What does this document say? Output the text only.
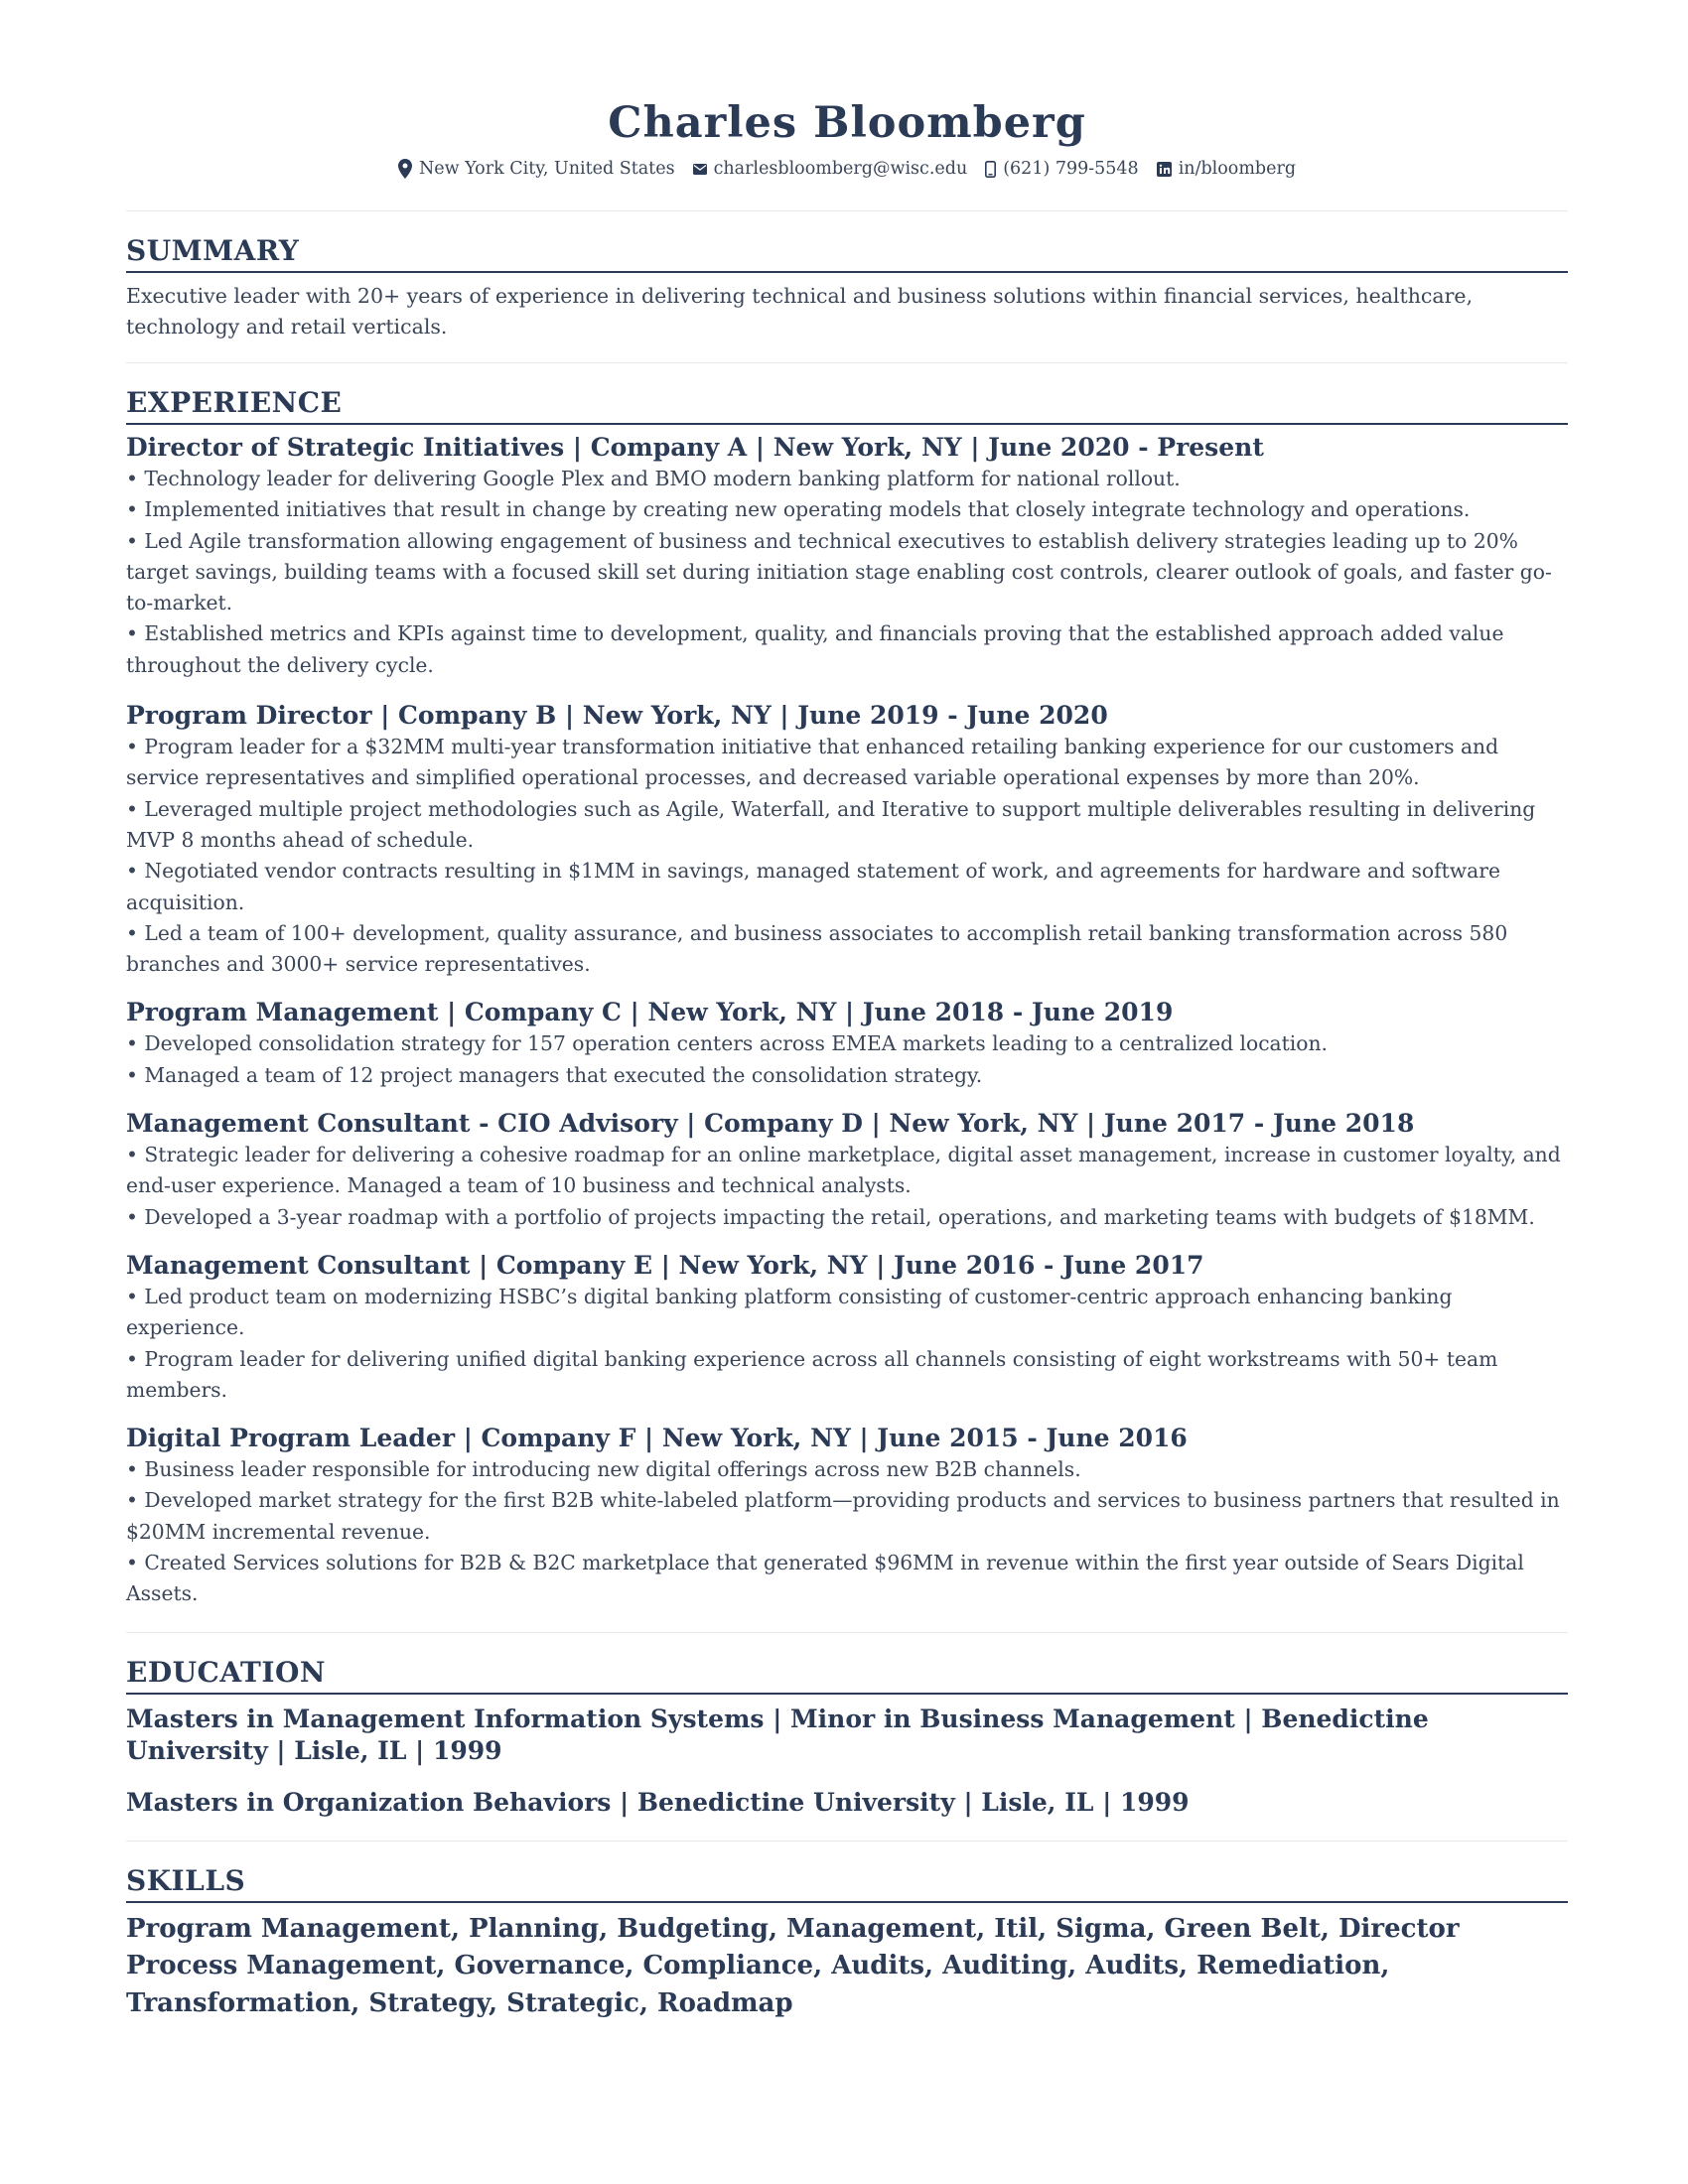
Charles Bloomberg
New York City, United States charlesbloomberg@wisc.edu (621) 799-5548 in/bloomberg
SUMMARY

Executive leader with 20+ years of experience in delivering technical and business solutions within financial services, healthcare, technology and retail verticals.

EXPERIENCE
Director of Strategic Initiatives | Company A | New York, NY | June 2020 - Present

• Technology leader for delivering Google Plex and BMO modern banking platform for national rollout.

• Implemented initiatives that result in change by creating new operating models that closely integrate technology and operations.

• Led Agile transformation allowing engagement of business and technical executives to establish delivery strategies leading up to 20% target savings, building teams with a focused skill set during initiation stage enabling cost controls, clearer outlook of goals, and faster go-to-market.

• Established metrics and KPIs against time to development, quality, and financials proving that the established approach added value throughout the delivery cycle.

Program Director | Company B | New York, NY | June 2019 - June 2020

• Program leader for a $32MM multi-year transformation initiative that enhanced retailing banking experience for our customers and service representatives and simplified operational processes, and decreased variable operational expenses by more than 20%.

• Leveraged multiple project methodologies such as Agile, Waterfall, and Iterative to support multiple deliverables resulting in delivering MVP 8 months ahead of schedule.

• Negotiated vendor contracts resulting in $1MM in savings, managed statement of work, and agreements for hardware and software acquisition.

• Led a team of 100+ development, quality assurance, and business associates to accomplish retail banking transformation across 580 branches and 3000+ service representatives.

Program Management | Company C | New York, NY | June 2018 - June 2019

• Developed consolidation strategy for 157 operation centers across EMEA markets leading to a centralized location.

• Managed a team of 12 project managers that executed the consolidation strategy.

Management Consultant - CIO Advisory | Company D | New York, NY | June 2017 - June 2018

• Strategic leader for delivering a cohesive roadmap for an online marketplace, digital asset management, increase in customer loyalty, and end-user experience. Managed a team of 10 business and technical analysts.

• Developed a 3-year roadmap with a portfolio of projects impacting the retail, operations, and marketing teams with budgets of $18MM.

Management Consultant | Company E | New York, NY | June 2016 - June 2017

• Led product team on modernizing HSBC’s digital banking platform consisting of customer-centric approach enhancing banking experience.

• Program leader for delivering unified digital banking experience across all channels consisting of eight workstreams with 50+ team members.

Digital Program Leader | Company F | New York, NY | June 2015 - June 2016

• Business leader responsible for introducing new digital offerings across new B2B channels.

• Developed market strategy for the first B2B white-labeled platform—providing products and services to business partners that resulted in $20MM incremental revenue.

• Created Services solutions for B2B & B2C marketplace that generated $96MM in revenue within the first year outside of Sears Digital Assets.

EDUCATION

Masters in Management Information Systems | Minor in Business Management | Benedictine University | Lisle, IL | 1999

Masters in Organization Behaviors | Benedictine University | Lisle, IL | 1999

SKILLS

Program Management, Planning, Budgeting, Management, Itil, Sigma, Green Belt, Director Process Management, Governance, Compliance, Audits, Auditing, Audits, Remediation, Transformation, Strategy, Strategic, Roadmap
